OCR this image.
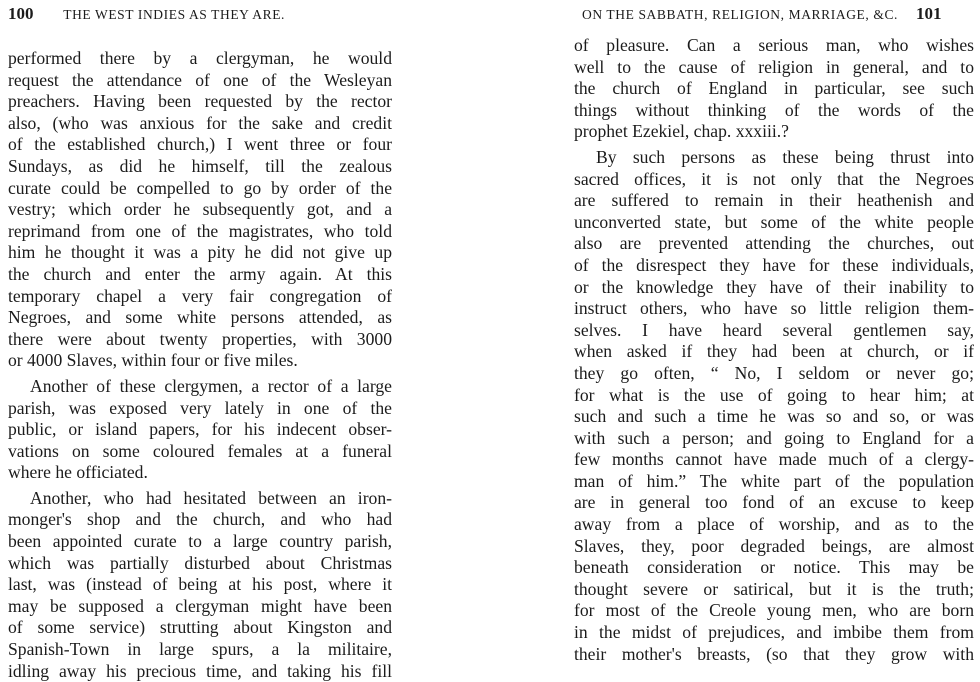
100 THE WEST INDIES AS THEY ARE.
performed there by a clergyman, he would
request the attendance of one of the Wesleyan
preachers. Having been requested by the rector
also, (who was anxious for the sake and credit
of the established church,) I went three or four
Sundays, as did he himself, till the zealous
curate could be compelled to go by order of the
vestry; which order he subsequently got, and a
reprimand from one of the magistrates, who told
him he thought it was a pity he did not give up
the church and enter the army again. At this
temporary chapel a very fair congregation of
Negroes, and some white persons attended, as
there were about twenty properties, with 3000
or 4000 Slaves, within four or five miles.
Another of these clergymen, a rector of a large
parish, was exposed very lately in one of the
public, or island papers, for his indecent obser-
vations on some coloured females at a funeral
where he officiated.
Another, who had hesitated between an iron-
monger's shop and the church, and who had
been appointed curate to a large country parish,
which was partially disturbed about Christmas
last, was (instead of being at his post, where it
may be supposed a clergyman might have been
of some service) strutting about Kingston and
Spanish-Town in large spurs, a la militaire,
idling away his precious time, and taking his fill
ON THE SABBATH, RELIGION, MARRIAGE, &C. 101
of pleasure. Can a serious man, who wishes
well to the cause of religion in general, and to
the church of England in particular, see such
things without thinking of the words of the
prophet Ezekiel, chap. xxxiii.?
By such persons as these being thrust into
sacred offices, it is not only that the Negroes
are suffered to remain in their heathenish and
unconverted state, but some of the white people
also are prevented attending the churches, out
of the disrespect they have for these individuals,
or the knowledge they have of their inability to
instruct others, who have so little religion them-
selves. I have heard several gentlemen say,
when asked if they had been at church, or if
they go often, “ No, I seldom or never go;
for what is the use of going to hear him; at
such and such a time he was so and so, or was
with such a person; and going to England for a
few months cannot have made much of a clergy-
man of him.” The white part of the population
are in general too fond of an excuse to keep
away from a place of worship, and as to the
Slaves, they, poor degraded beings, are almost
beneath consideration or notice. This may be
thought severe or satirical, but it is the truth;
for most of the Creole young men, who are born
in the midst of prejudices, and imbibe them from
their mother's breasts, (so that they grow with
